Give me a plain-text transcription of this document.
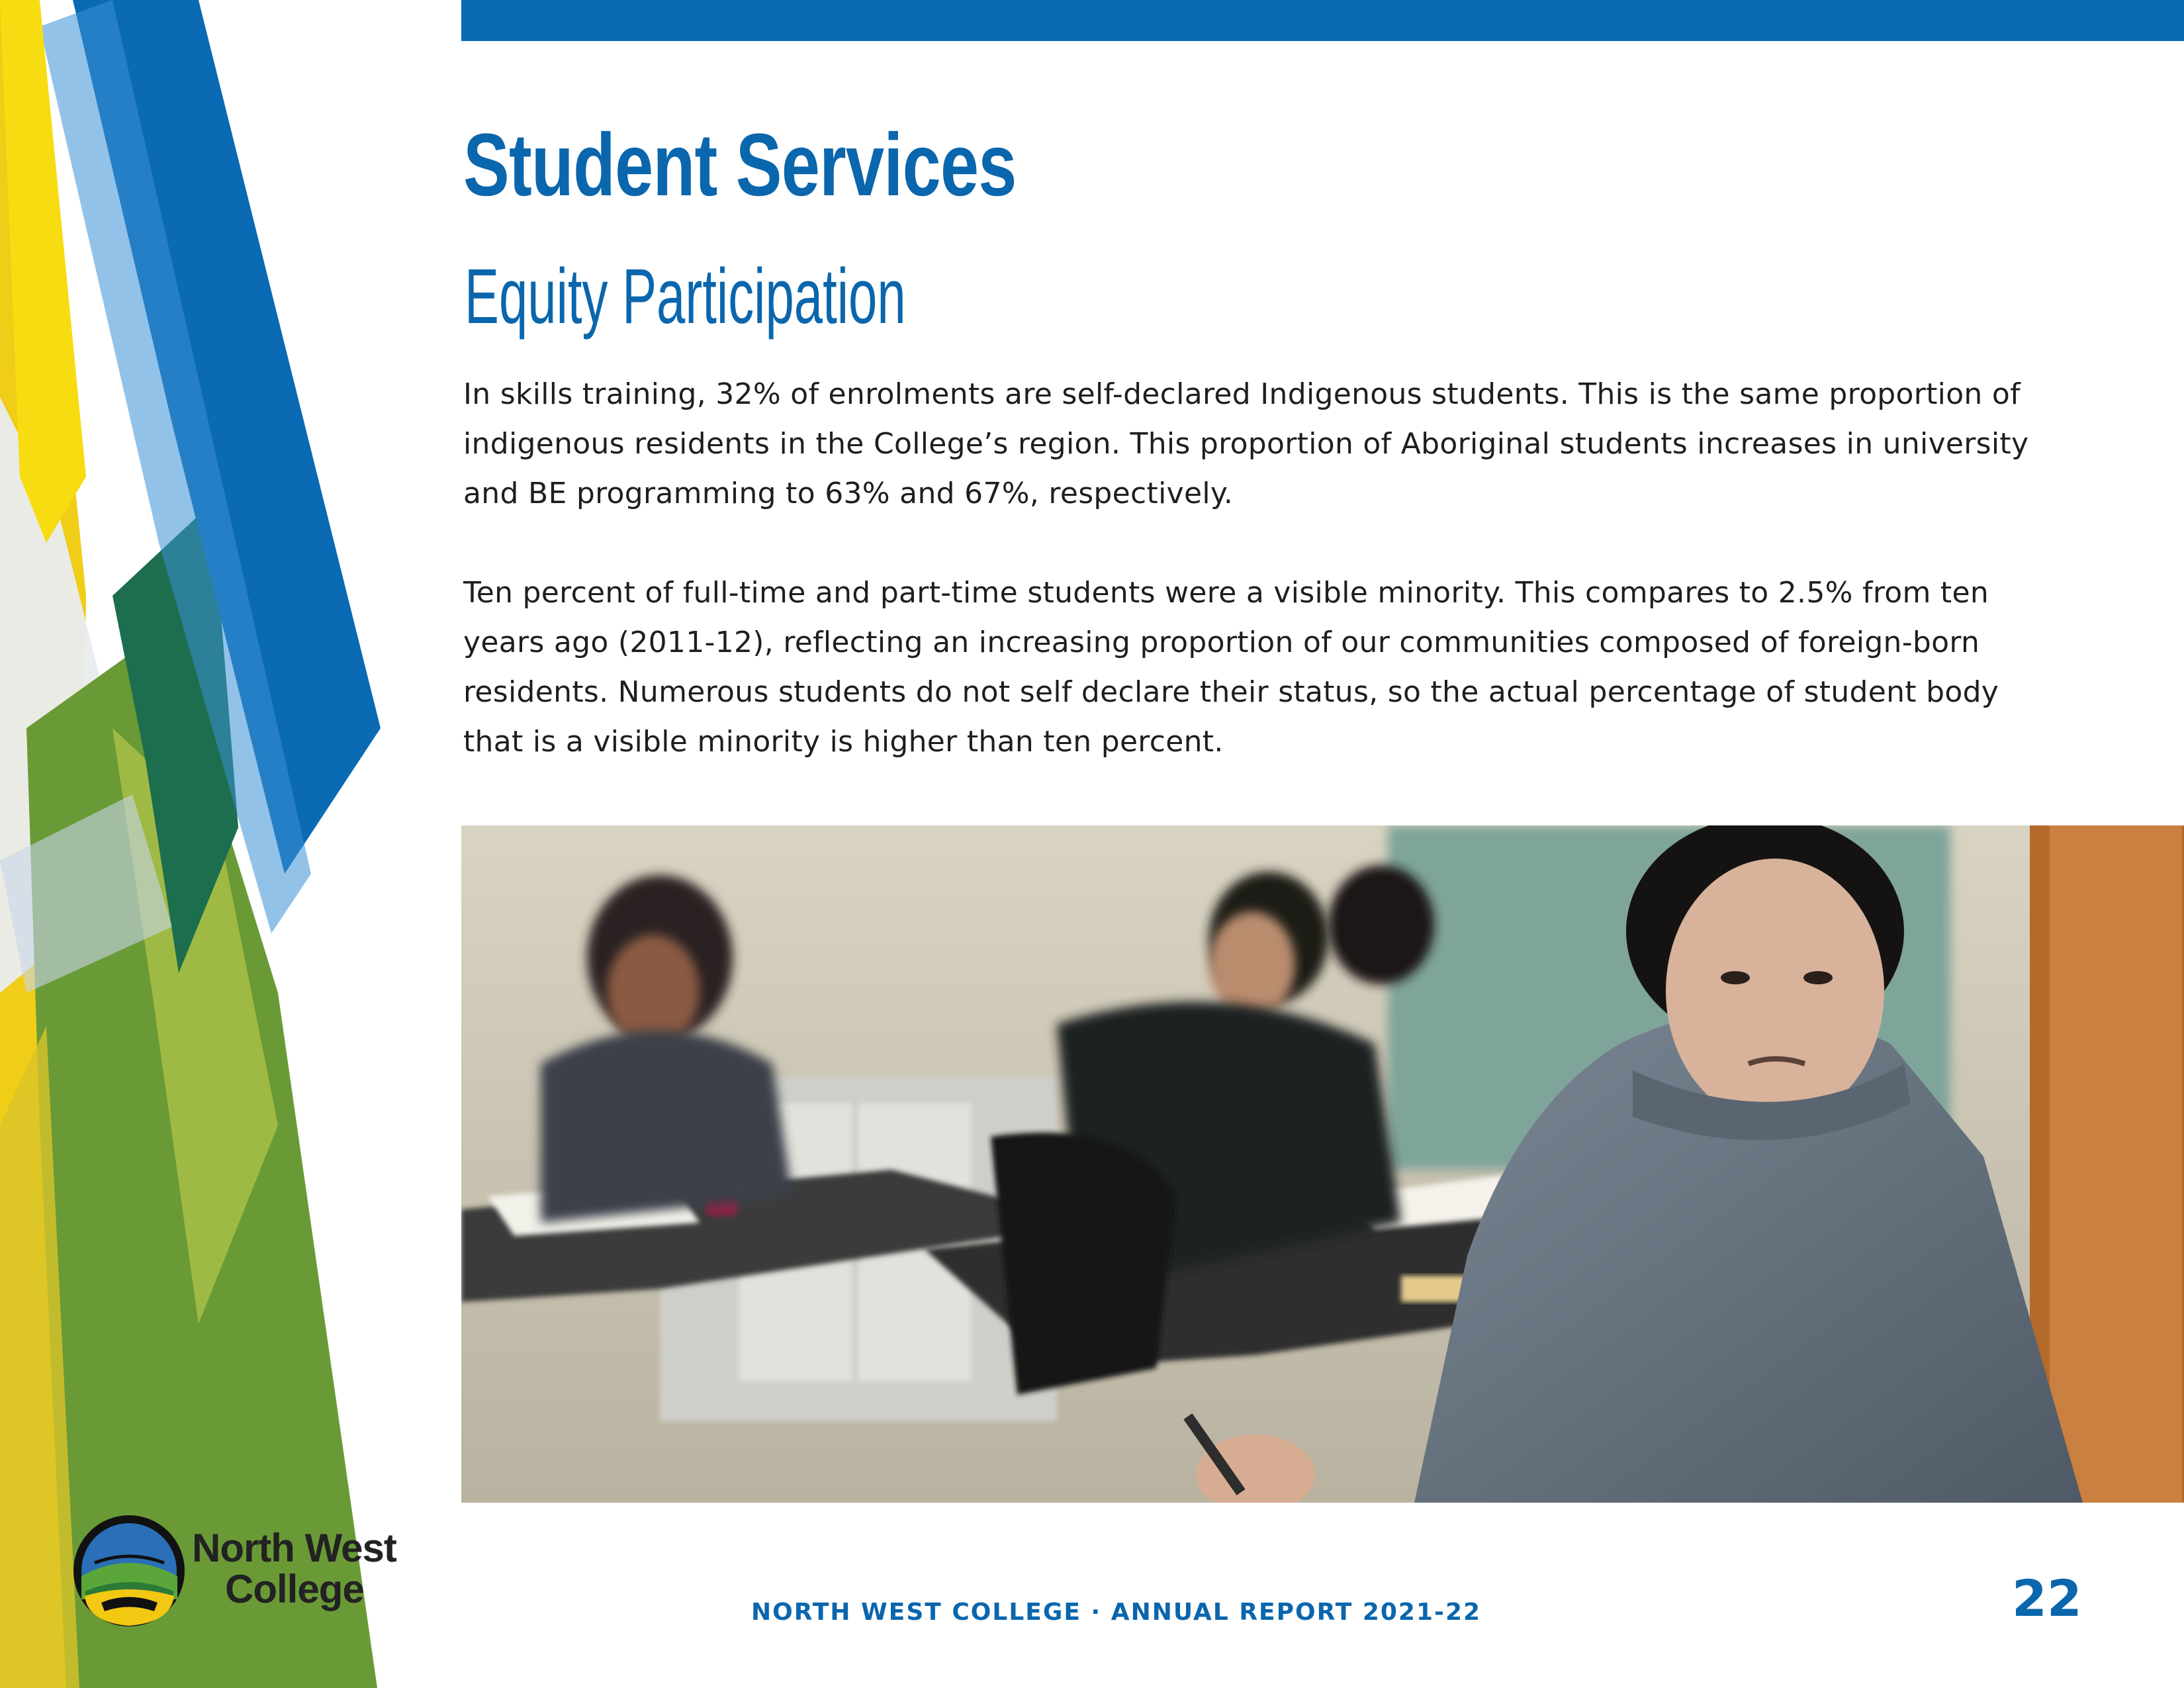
Student Services
Equity Participation

In skills training, 32% of enrolments are self-declared Indigenous students. This is the same proportion of indigenous residents in the College’s region. This proportion of Aboriginal students increases in university and BE programming to 63% and 67%, respectively.

Ten percent of full-time and part-time students were a visible minority. This compares to 2.5% from ten years ago (2011-12), reflecting an increasing proportion of our communities composed of foreign-born residents. Numerous students do not self declare their status, so the actual percentage of student body that is a visible minority is higher than ten percent.

North West
College
NORTH WEST COLLEGE · ANNUAL REPORT 2021-22	22
